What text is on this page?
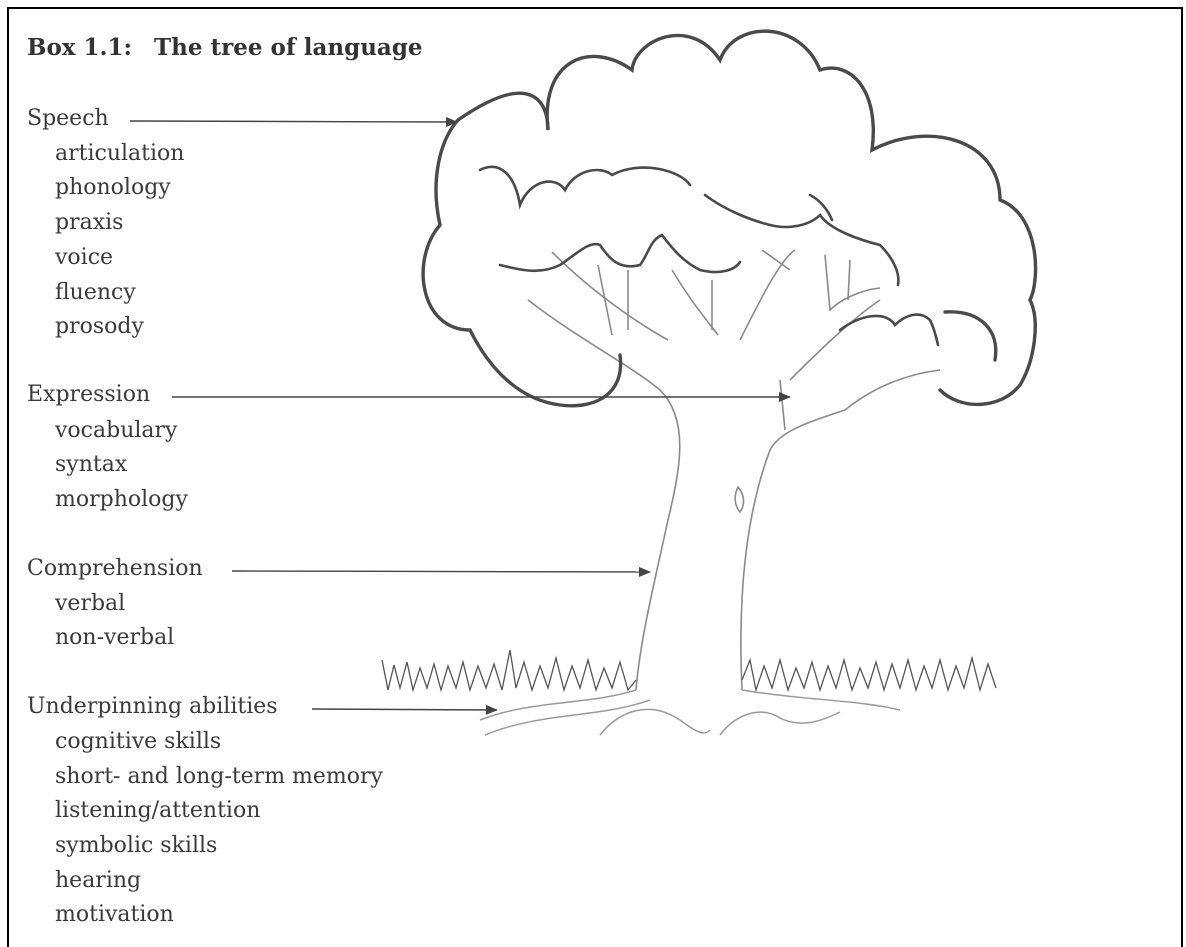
Box 1.1: The tree of language
Speech
articulation
phonology
praxis
voice
fluency
prosody
Expression
vocabulary
syntax
morphology
Comprehension
verbal
non-verbal
Underpinning abilities
cognitive skills
short- and long-term memory
listening/attention
symbolic skills
hearing
motivation
